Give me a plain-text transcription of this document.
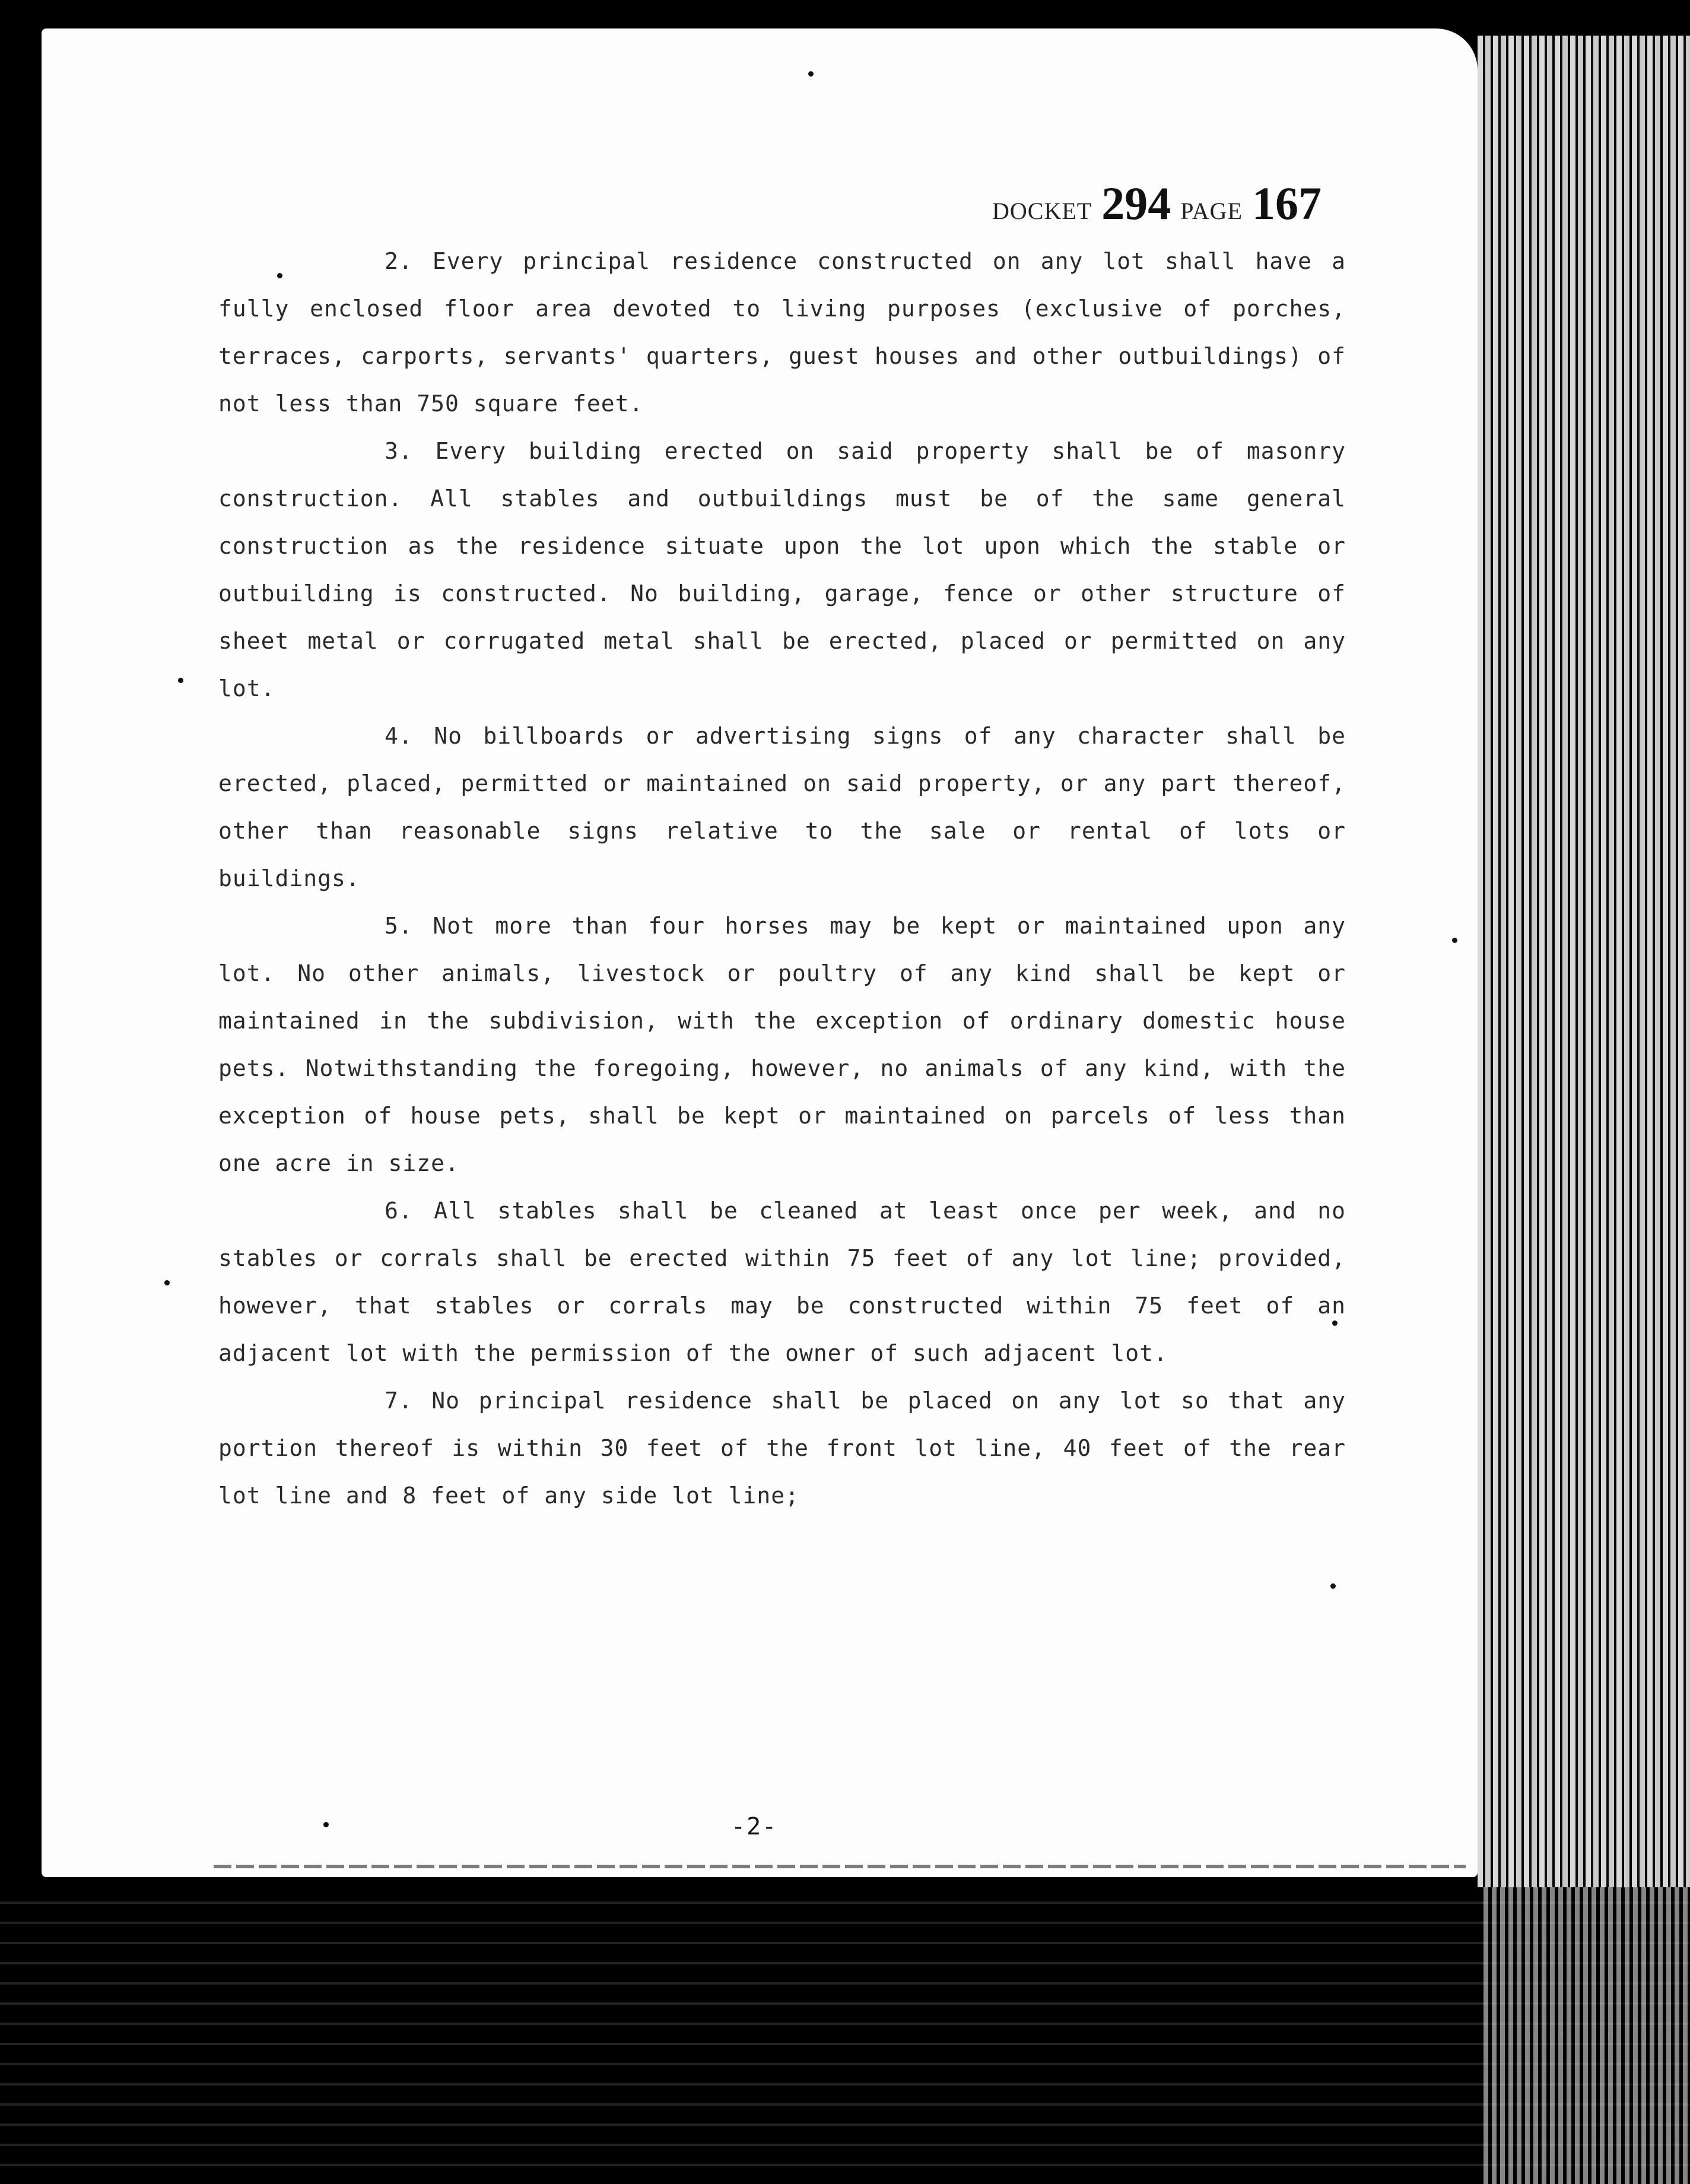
DOCKET 294 PAGE 167

2. Every principal residence constructed on any lot shall have a fully enclosed floor area devoted to living purposes (exclusive of porches, terraces, carports, servants' quarters, guest houses and other outbuildings) of not less than 750 square feet.

3. Every building erected on said property shall be of masonry construction. All stables and outbuildings must be of the same general construction as the residence situate upon the lot upon which the stable or outbuilding is constructed. No building, garage, fence or other structure of sheet metal or corrugated metal shall be erected, placed or permitted on any lot.

4. No billboards or advertising signs of any character shall be erected, placed, permitted or maintained on said property, or any part thereof, other than reasonable signs relative to the sale or rental of lots or buildings.

5. Not more than four horses may be kept or maintained upon any lot. No other animals, livestock or poultry of any kind shall be kept or maintained in the subdivision, with the exception of ordinary domestic house pets. Notwithstanding the foregoing, however, no animals of any kind, with the exception of house pets, shall be kept or maintained on parcels of less than one acre in size.

6. All stables shall be cleaned at least once per week, and no stables or corrals shall be erected within 75 feet of any lot line; provided, however, that stables or corrals may be constructed within 75 feet of an adjacent lot with the permission of the owner of such adjacent lot.

7. No principal residence shall be placed on any lot so that any portion thereof is within 30 feet of the front lot line, 40 feet of the rear lot line and 8 feet of any side lot line;

-2-
